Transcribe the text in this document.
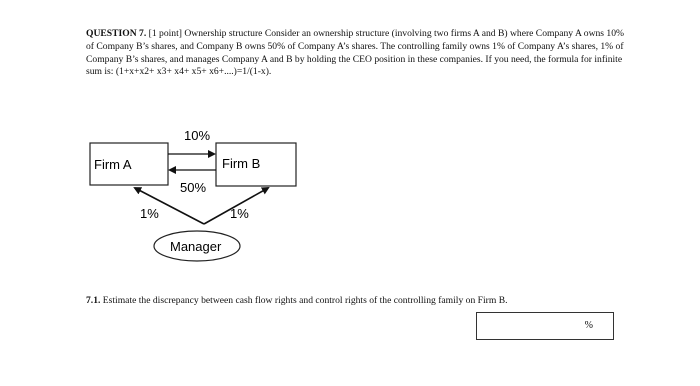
QUESTION 7. [1 point] Ownership structure Consider an ownership structure (involving two firms A and B) where Company A owns 10% of Company B’s shares, and Company B owns 50% of Company A’s shares. The controlling family owns 1% of Company A’s shares, 1% of Company B’s shares, and manages Company A and B by holding the CEO position in these companies. If you need, the formula for infinite sum is: (1+x+x2+ x3+ x4+ x5+ x6+....)=1/(1-x).
Firm A	Firm B
10%
50%
1%	1%
Manager
7.1. Estimate the discrepancy between cash flow rights and control rights of the controlling family on Firm B.
%
